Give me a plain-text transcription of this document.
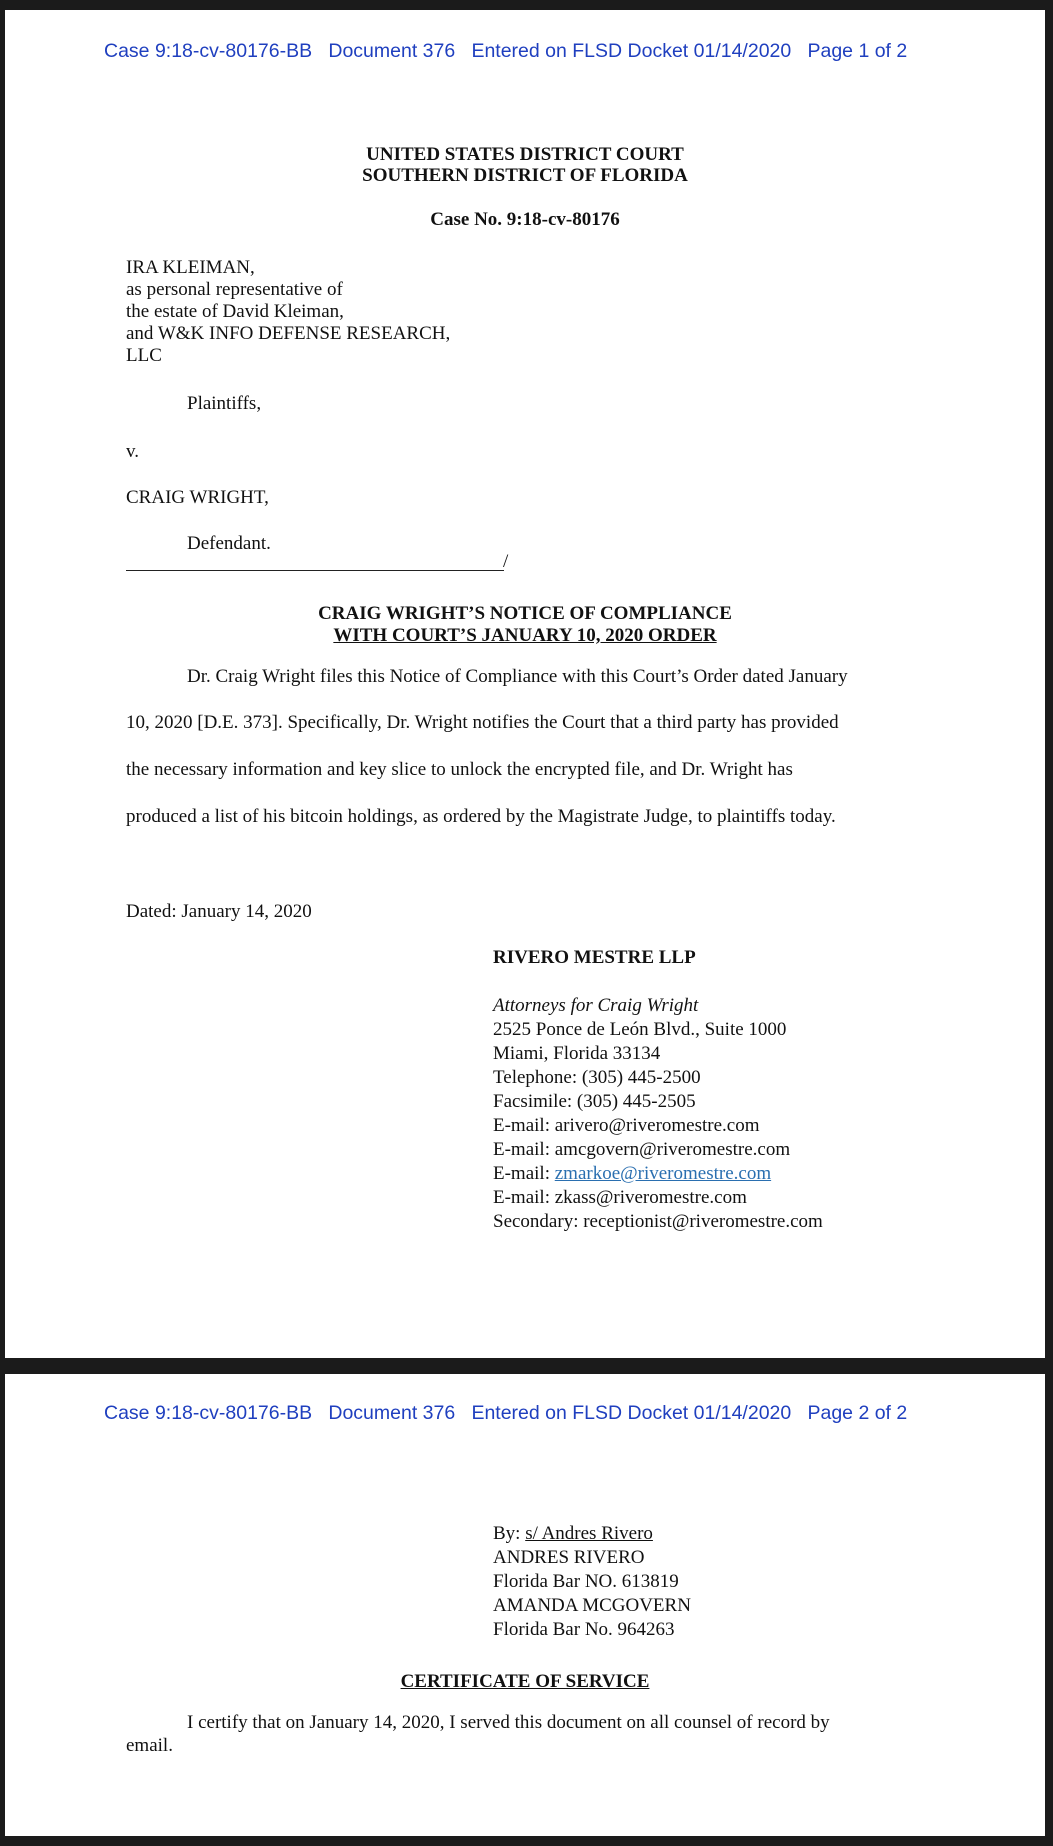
Case 9:18-cv-80176-BB   Document 376   Entered on FLSD Docket 01/14/2020   Page 1 of 2
UNITED STATES DISTRICT COURT
SOUTHERN DISTRICT OF FLORIDA
Case No. 9:18-cv-80176
IRA KLEIMAN,
as personal representative of
the estate of David Kleiman,
and W&K INFO DEFENSE RESEARCH,
LLC
Plaintiffs,
v.
CRAIG WRIGHT,
Defendant.
/
CRAIG WRIGHT’S NOTICE OF COMPLIANCE
WITH COURT’S JANUARY 10, 2020 ORDER
Dr. Craig Wright files this Notice of Compliance with this Court’s Order dated January
10, 2020 [D.E. 373]. Specifically, Dr. Wright notifies the Court that a third party has provided
the necessary information and key slice to unlock the encrypted file, and Dr. Wright has
produced a list of his bitcoin holdings, as ordered by the Magistrate Judge, to plaintiffs today.
Dated: January 14, 2020
RIVERO MESTRE LLP
Attorneys for Craig Wright
2525 Ponce de León Blvd., Suite 1000
Miami, Florida 33134
Telephone: (305) 445-2500
Facsimile: (305) 445-2505
E-mail: arivero@riveromestre.com
E-mail: amcgovern@riveromestre.com
E-mail: zmarkoe@riveromestre.com
E-mail: zkass@riveromestre.com
Secondary: receptionist@riveromestre.com
Case 9:18-cv-80176-BB   Document 376   Entered on FLSD Docket 01/14/2020   Page 2 of 2
By: s/ Andres Rivero
ANDRES RIVERO
Florida Bar NO. 613819
AMANDA MCGOVERN
Florida Bar No. 964263
CERTIFICATE OF SERVICE
I certify that on January 14, 2020, I served this document on all counsel of record by
email.
